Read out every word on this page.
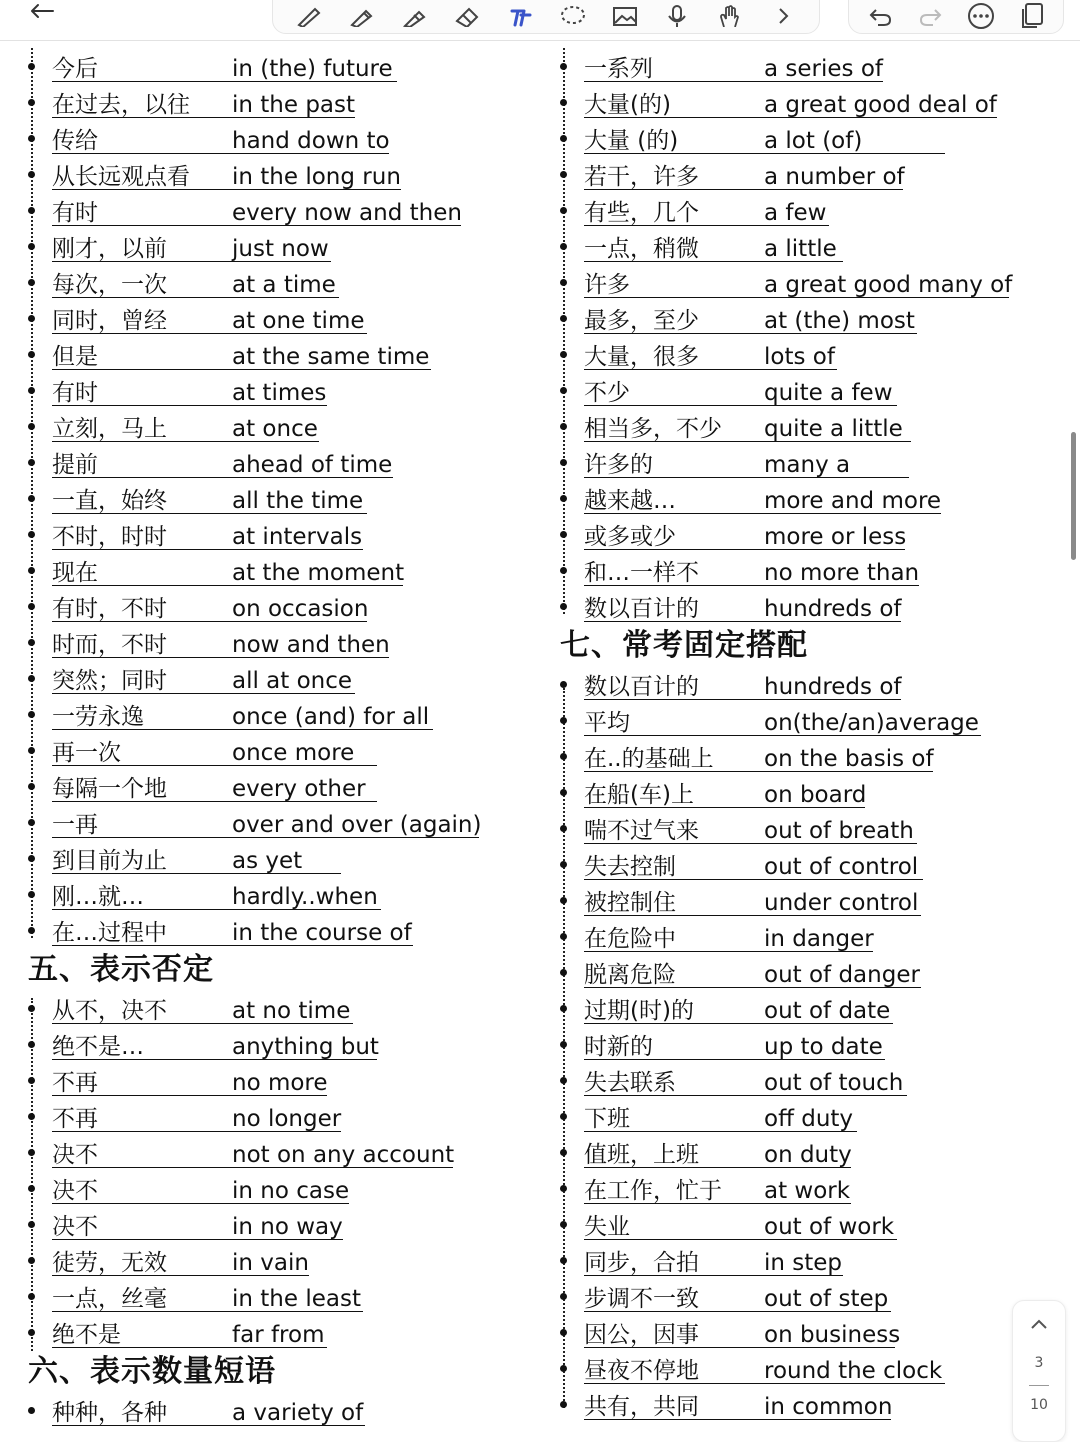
今后	in (the) future
在过去，以往 in the past
传给	hand down to
从长远观点看 in the long run
有时	every now and then
刚才，以前	just now
每次，一次	at a time
同时，曾经	at one time
但是	at the same time
有时	at times
立刻，马上	at once
提前	ahead of time
一直，始终	all the time
不时，时时	at intervals
现在	at the moment
有时，不时	on occasion
时而，不时	now and then
突然；同时	all at once
一劳永逸	once (and) for all
再一次	once more
每隔一个地	every other
一再	over and over (again)
到目前为止	as yet
刚…就…	hardly..when
在…过程中	in the course of
五、表示否定
从不，决不	at no time
绝不是…	anything but
不再	no more
不再	no longer
决不	not on any account
决不	in no case
决不	in no way
徒劳，无效	in vain
一点，丝毫	in the least
绝不是	far from
六、表示数量短语
种种，各种	a variety of
一系列	a series of
大量(的)	a great good deal of
大量 (的)	a lot (of)
若干，许多	a number of
有些，几个	a few
一点，稍微	a little
许多	a great good many of
最多，至少	at (the) most
大量，很多	lots of
不少	quite a few
相当多，不少 quite a little
许多的	many a
越来越…	more and more
或多或少	more or less
和…一样不	no more than
数以百计的	hundreds of
七、常考固定搭配
数以百计的	hundreds of
平均	on(the/an)average
在..的基础上 on the basis of
在船(车)上	on board
喘不过气来	out of breath
失去控制	out of control
被控制住	under control
在危险中	in danger
脱离危险	out of danger
过期(时)的	out of date
时新的	up to date
失去联系	out of touch
下班	off duty
值班，上班	on duty
在工作，忙于 at work
失业	out of work
同步，合拍	in step
步调不一致	out of step
因公，因事	on business
昼夜不停地	round the clock
共有，共同	in common
3
10
